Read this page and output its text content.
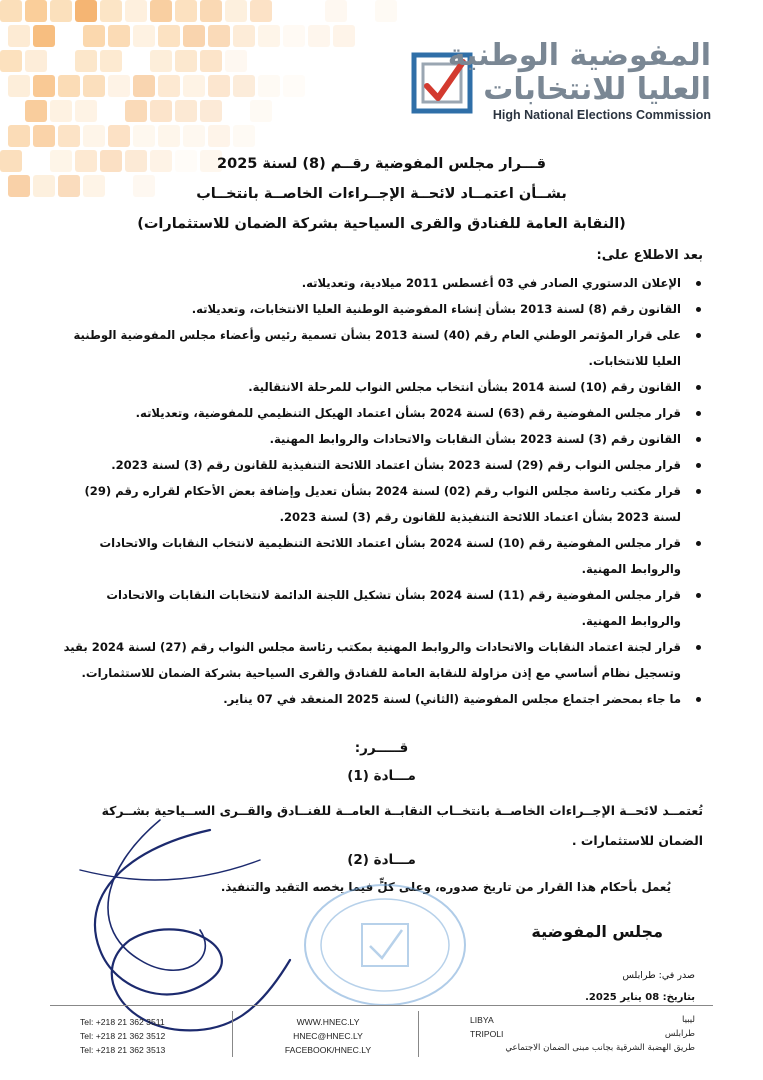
المفوضية الوطنية
العليا للانتخابات
High National Elections Commission
قـــرار مجلس المفوضية رقــم (8) لسنة 2025
بشــأن اعتمــاد لائحــة الإجــراءات الخاصــة بانتخــاب
(النقابة العامة للفنادق والقرى السياحية بشركة الضمان للاستثمارات)
بعد الاطلاع على:
الإعلان الدستوري الصادر في 03 أغسطس 2011 ميلادية، وتعديلاته.
القانون رقم (8) لسنة 2013 بشأن إنشاء المفوضية الوطنية العليا الانتخابات، وتعديلاته.
على قرار المؤتمر الوطني العام رقم (40) لسنة 2013 بشأن تسمية رئيس وأعضاء مجلس المفوضية الوطنية العليا للانتخابات.
القانون رقم (10) لسنة 2014 بشأن انتخاب مجلس النواب للمرحلة الانتقالية.
قرار مجلس المفوضية رقم (63) لسنة 2024 بشأن اعتماد الهيكل التنظيمي للمفوضية، وتعديلاته.
القانون رقم (3) لسنة 2023 بشأن النقابات والاتحادات والروابط المهنية.
قرار مجلس النواب رقم (29) لسنة 2023 بشأن اعتماد اللائحة التنفيذية للقانون رقم (3) لسنة 2023.
قرار مكتب رئاسة مجلس النواب رقم (02) لسنة 2024 بشأن تعديل وإضافة بعض الأحكام لقراره رقم (29) لسنة 2023 بشأن اعتماد اللائحة التنفيذية للقانون رقم (3) لسنة 2023.
قرار مجلس المفوضية رقم (10) لسنة 2024 بشأن اعتماد اللائحة التنظيمية لانتخاب النقابات والاتحادات والروابط المهنية.
قرار مجلس المفوضية رقم (11) لسنة 2024 بشأن تشكيل اللجنة الدائمة لانتخابات النقابات والاتحادات والروابط المهنية.
قرار لجنة اعتماد النقابات والاتحادات والروابط المهنية بمكتب رئاسة مجلس النواب رقم (27) لسنة 2024 بقيد وتسجيل نظام أساسي مع إذن مزاولة للنقابة العامة للفنادق والقرى السياحية بشركة الضمان للاستثمارات.
ما جاء بمحضر اجتماع مجلس المفوضية (الثاني) لسنة 2025 المنعقد في 07 يناير.
قـــــرر:
مـــادة (1)
تُعتمــد لائحــة الإجــراءات الخاصــة بانتخــاب النقابــة العامــة للفنــادق والقــرى الســياحية بشــركة الضمان للاستثمارات .
مـــادة (2)
يُعمل بأحكام هذا القرار من تاريخ صدوره، وعلى كلٍّ فيما يخصه التقيد والتنفيذ.
مجلس المفوضية
صدر في: طرابلس
بتاريخ: 08 يناير 2025.
Tel: +218 21 362 3511
Tel: +218 21 362 3512
Tel: +218 21 362 3513
WWW.HNEC.LY
HNEC@HNEC.LY
FACEBOOK/HNEC.LY
LIBYA
TRIPOLI
ليبيا
طرابلس
طريق الهضبة الشرقية بجانب مبنى الضمان الاجتماعي
